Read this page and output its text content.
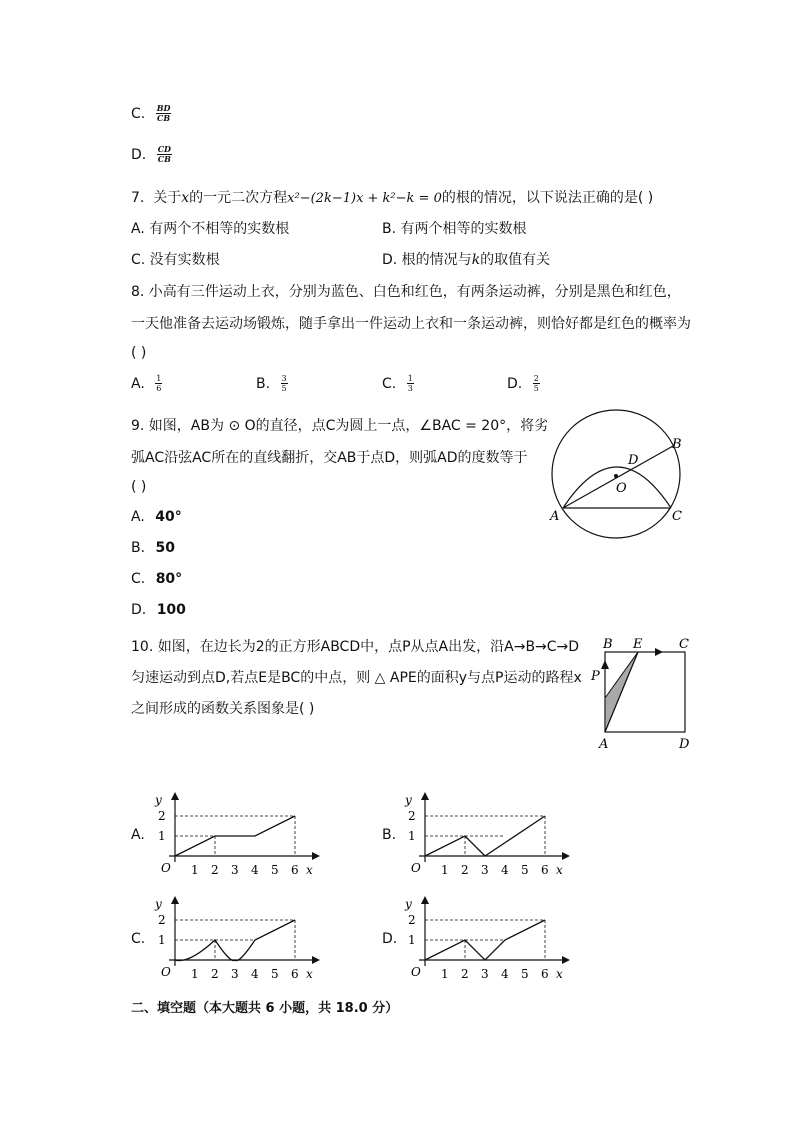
C. $\frac{BD}{CB}$
D. $\frac{CD}{CB}$
7. 关于x的一元二次方程x²−(2k−1)x + k²−k = 0的根的情况，以下说法正确的是( )
A. 有两个不相等的实数根	B. 有两个相等的实数根
C. 没有实数根	D. 根的情况与k的取值有关
8. 小高有三件运动上衣，分别为蓝色、白色和红色，有两条运动裤，分别是黑色和红色，
一天他准备去运动场锻炼，随手拿出一件运动上衣和一条运动裤，则恰好都是红色的概率为
( )
A. $\frac{1}{6}$	B. $\frac{3}{5}$	C. $\frac{1}{3}$	D. $\frac{2}{5}$
9. 如图，AB为 ⊙ O的直径，点C为圆上一点，∠BAC = 20°，将劣
弧AC沿弦AC所在的直线翻折，交AB于点D，则弧AD的度数等于
( )
A. 40°
B. 50
C. 80°
D. 100
A
B
C
D
O
10. 如图，在边长为2的正方形ABCD中，点P从点A出发，沿A→B→C→D
匀速运动到点D,若点E是BC的中点，则 △ APE的面积y与点P运动的路程x
之间形成的函数关系图象是( )
B E	C
P
A	D
A.	B.
C.	D.
y
2
1
O 1 2 3 4 5 6 x
y
2
1
O 1 2 3 4 5 6 x
y
2
1
O 1 2 3 4 5 6 x
y
2
1
O 1 2 3 4 5 6 x
二、填空题（本大题共 6 小题，共 18.0 分）
